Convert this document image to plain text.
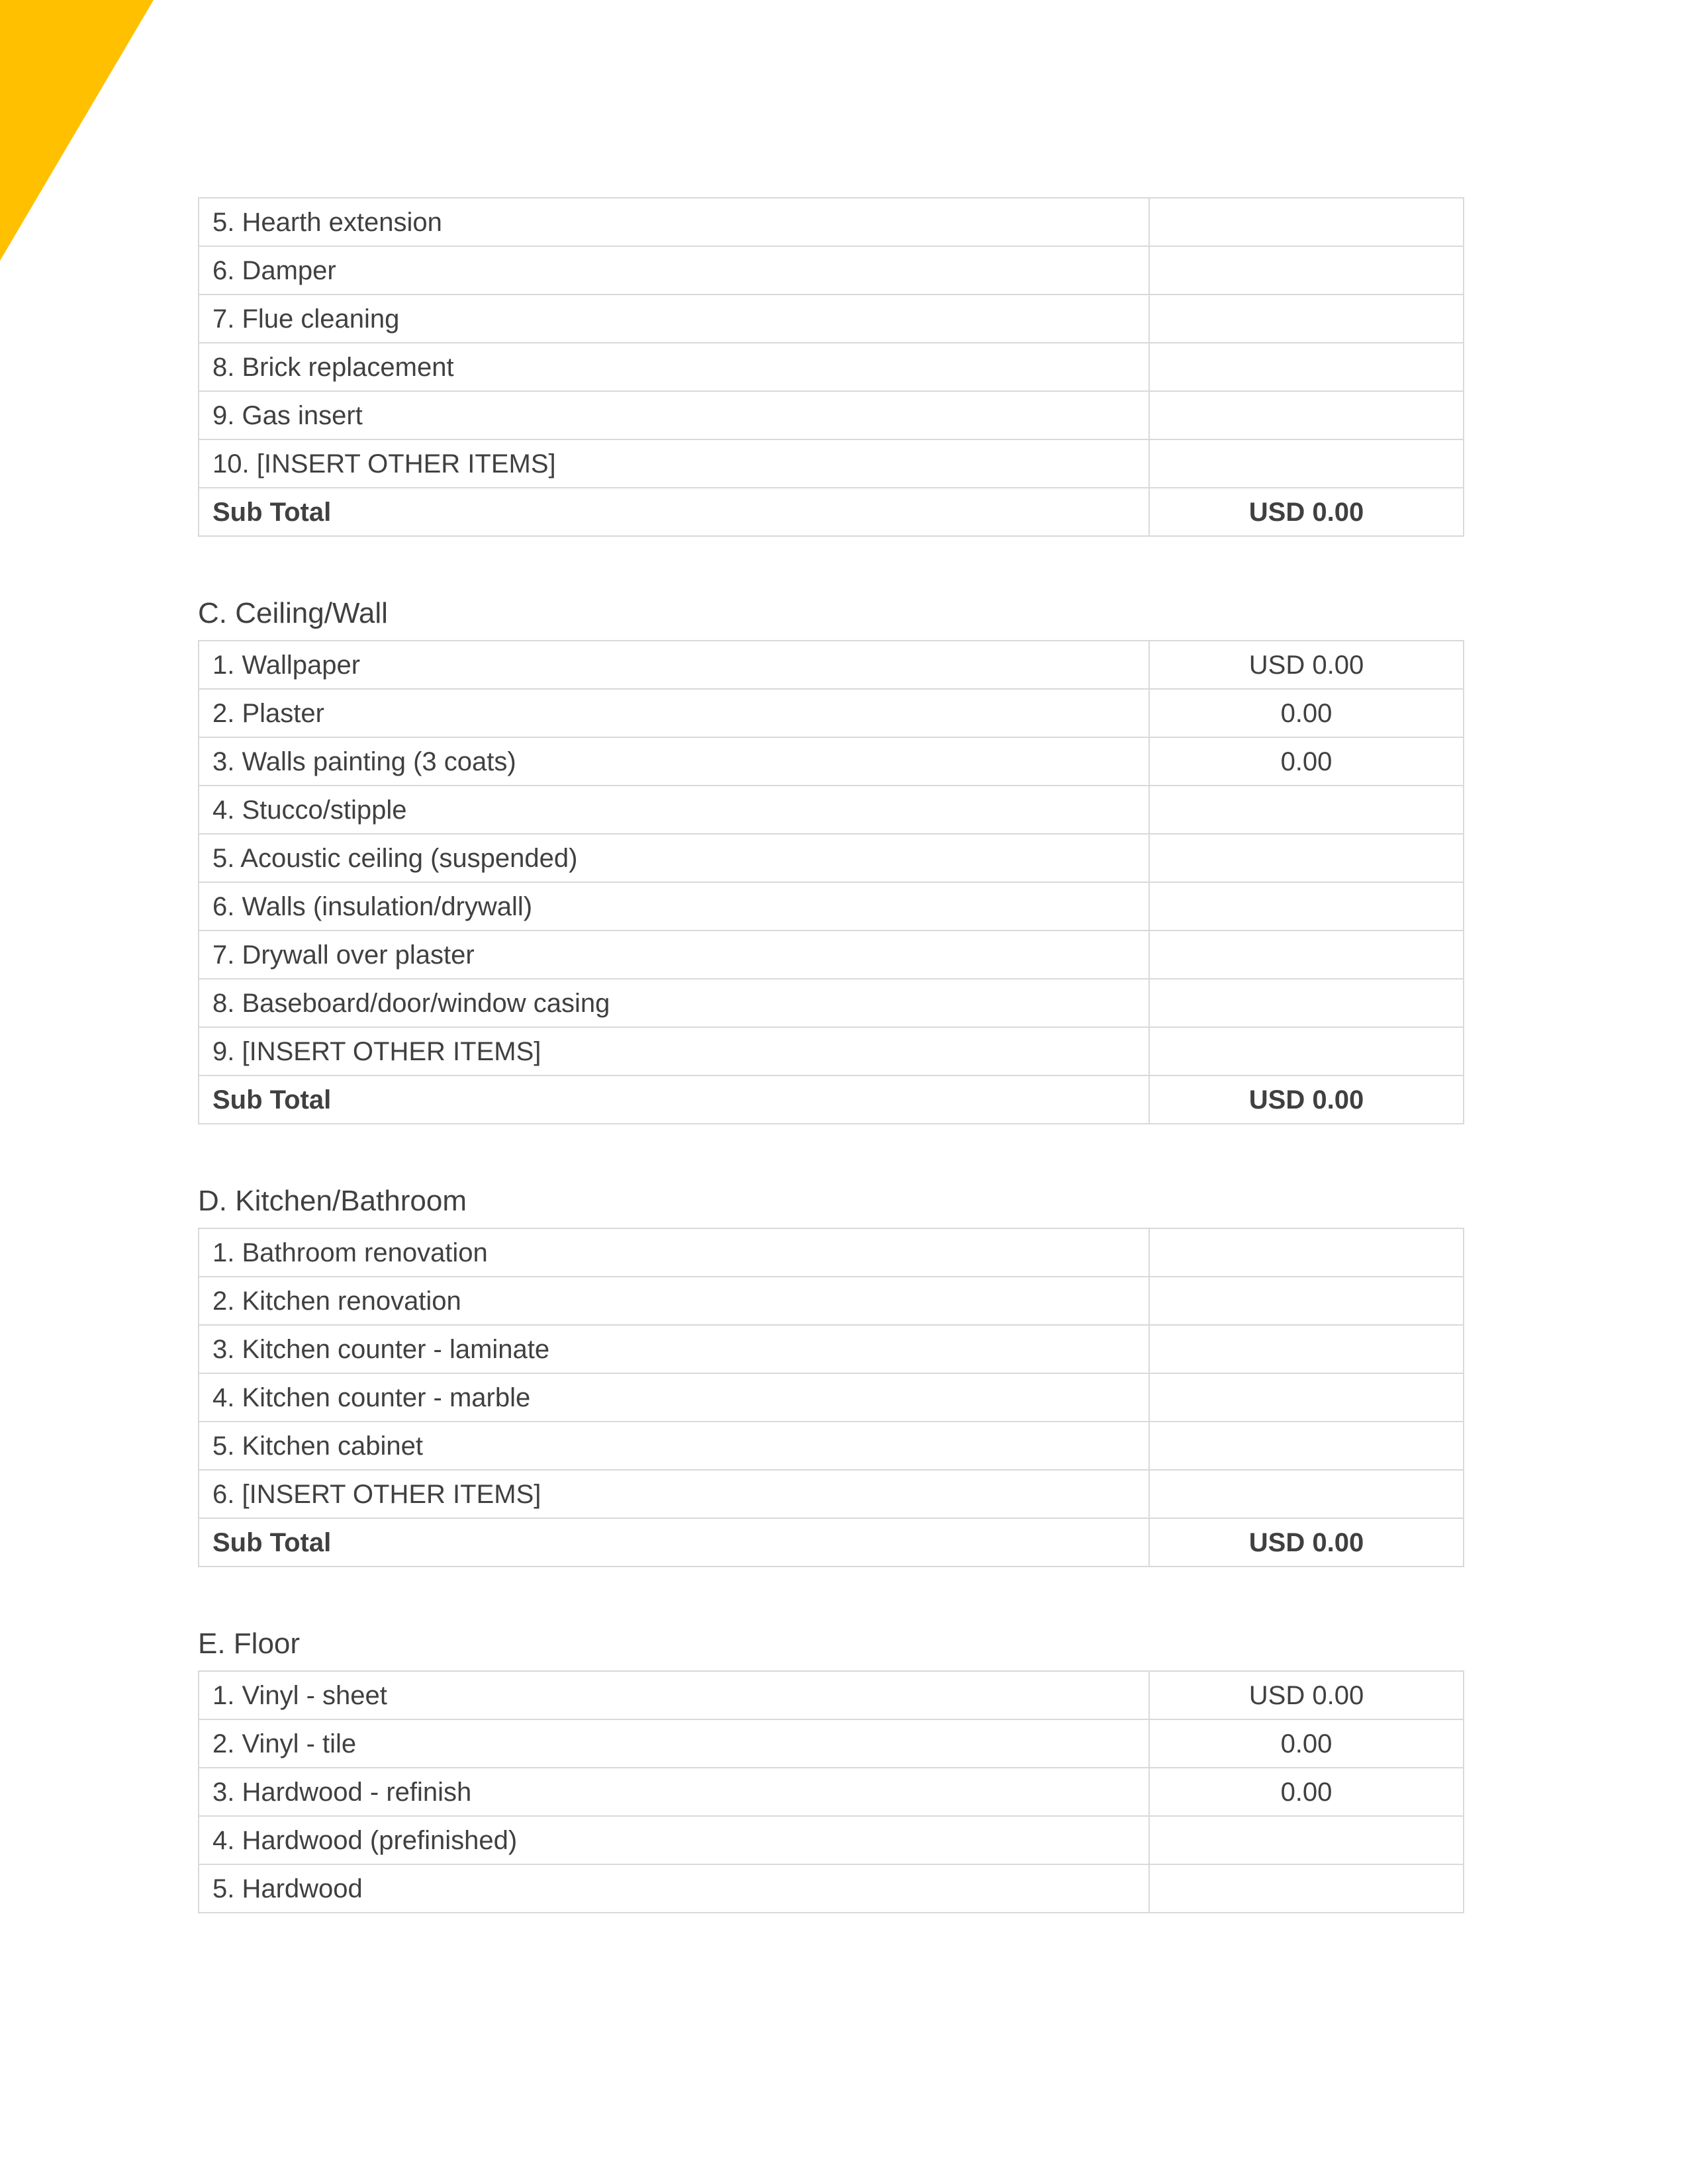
5. Hearth extension	
6. Damper	
7. Flue cleaning	
8. Brick replacement	
9. Gas insert	
10. [INSERT OTHER ITEMS]	
Sub Total	USD 0.00
C. Ceiling/Wall
1. Wallpaper	USD 0.00
2. Plaster	0.00
3. Walls painting (3 coats)	0.00
4. Stucco/stipple	
5. Acoustic ceiling (suspended)	
6. Walls (insulation/drywall)	
7. Drywall over plaster	
8. Baseboard/door/window casing	
9. [INSERT OTHER ITEMS]	
Sub Total	USD 0.00
D. Kitchen/Bathroom
1. Bathroom renovation	
2. Kitchen renovation	
3. Kitchen counter - laminate	
4. Kitchen counter - marble	
5. Kitchen cabinet	
6. [INSERT OTHER ITEMS]	
Sub Total	USD 0.00
E. Floor
1. Vinyl - sheet	USD 0.00
2. Vinyl - tile	0.00
3. Hardwood - refinish	0.00
4. Hardwood (prefinished)	
5. Hardwood	
